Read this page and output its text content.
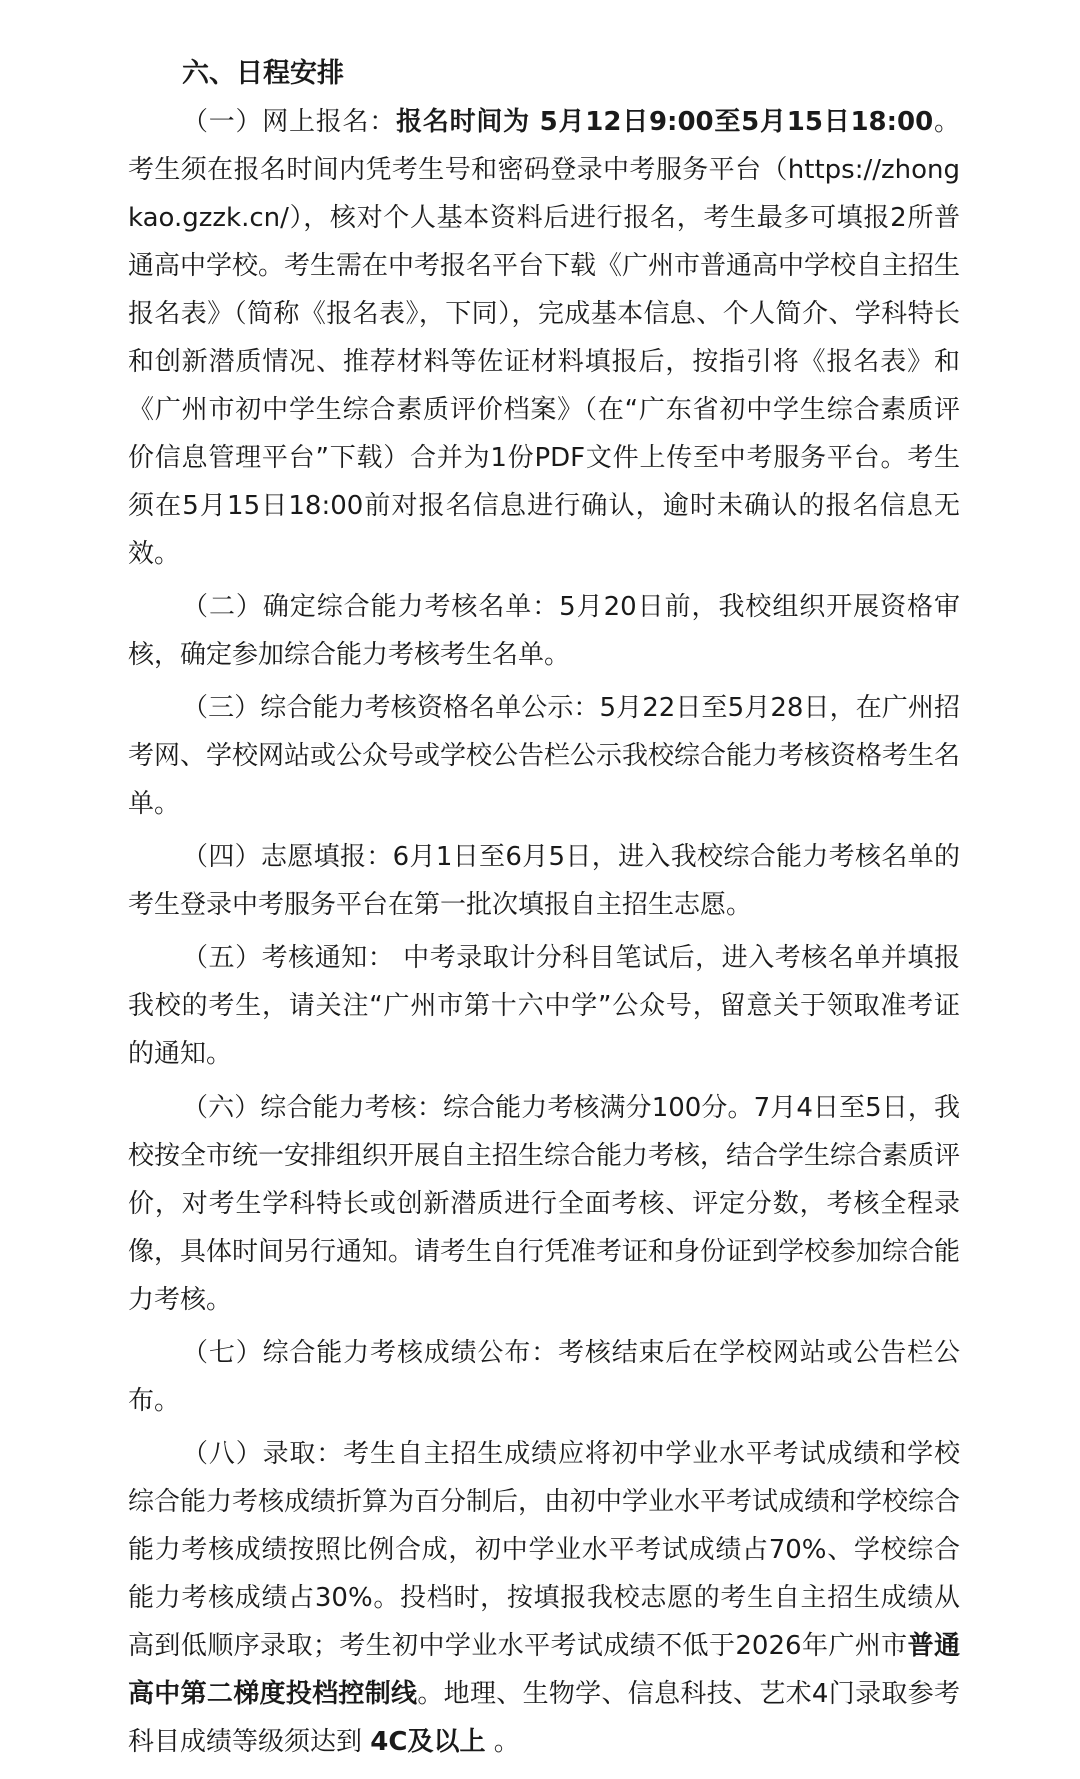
六、日程安排

（一）网上报名：报名时间为 5月12日9:00至5月15日18:00。考生须在报名时间内凭考生号和密码登录中考服务平台（https://zhongkao.gzzk.cn/），核对个人基本资料后进行报名，考生最多可填报2所普通高中学校。考生需在中考报名平台下载《广州市普通高中学校自主招生报名表》（简称《报名表》，下同），完成基本信息、个人简介、学科特长和创新潜质情况、推荐材料等佐证材料填报后，按指引将《报名表》和《广州市初中学生综合素质评价档案》（在“广东省初中学生综合素质评价信息管理平台”下载）合并为1份PDF文件上传至中考服务平台。考生须在5月15日18:00前对报名信息进行确认，逾时未确认的报名信息无效。

（二）确定综合能力考核名单：5月20日前，我校组织开展资格审核，确定参加综合能力考核考生名单。

（三）综合能力考核资格名单公示：5月22日至5月28日，在广州招考网、学校网站或公众号或学校公告栏公示我校综合能力考核资格考生名单。

（四）志愿填报：6月1日至6月5日，进入我校综合能力考核名单的考生登录中考服务平台在第一批次填报自主招生志愿。

（五）考核通知： 中考录取计分科目笔试后，进入考核名单并填报我校的考生，请关注“广州市第十六中学”公众号，留意关于领取准考证的通知。

（六）综合能力考核：综合能力考核满分100分。7月4日至5日，我校按全市统一安排组织开展自主招生综合能力考核，结合学生综合素质评价，对考生学科特长或创新潜质进行全面考核、评定分数，考核全程录像，具体时间另行通知。请考生自行凭准考证和身份证到学校参加综合能力考核。

（七）综合能力考核成绩公布：考核结束后在学校网站或公告栏公布。

（八）录取：考生自主招生成绩应将初中学业水平考试成绩和学校综合能力考核成绩折算为百分制后，由初中学业水平考试成绩和学校综合能力考核成绩按照比例合成，初中学业水平考试成绩占70%、学校综合能力考核成绩占30%。投档时，按填报我校志愿的考生自主招生成绩从高到低顺序录取；考生初中学业水平考试成绩不低于2026年广州市普通高中第二梯度投档控制线。地理、生物学、信息科技、艺术4门录取参考科目成绩等级须达到 4C及以上 。
